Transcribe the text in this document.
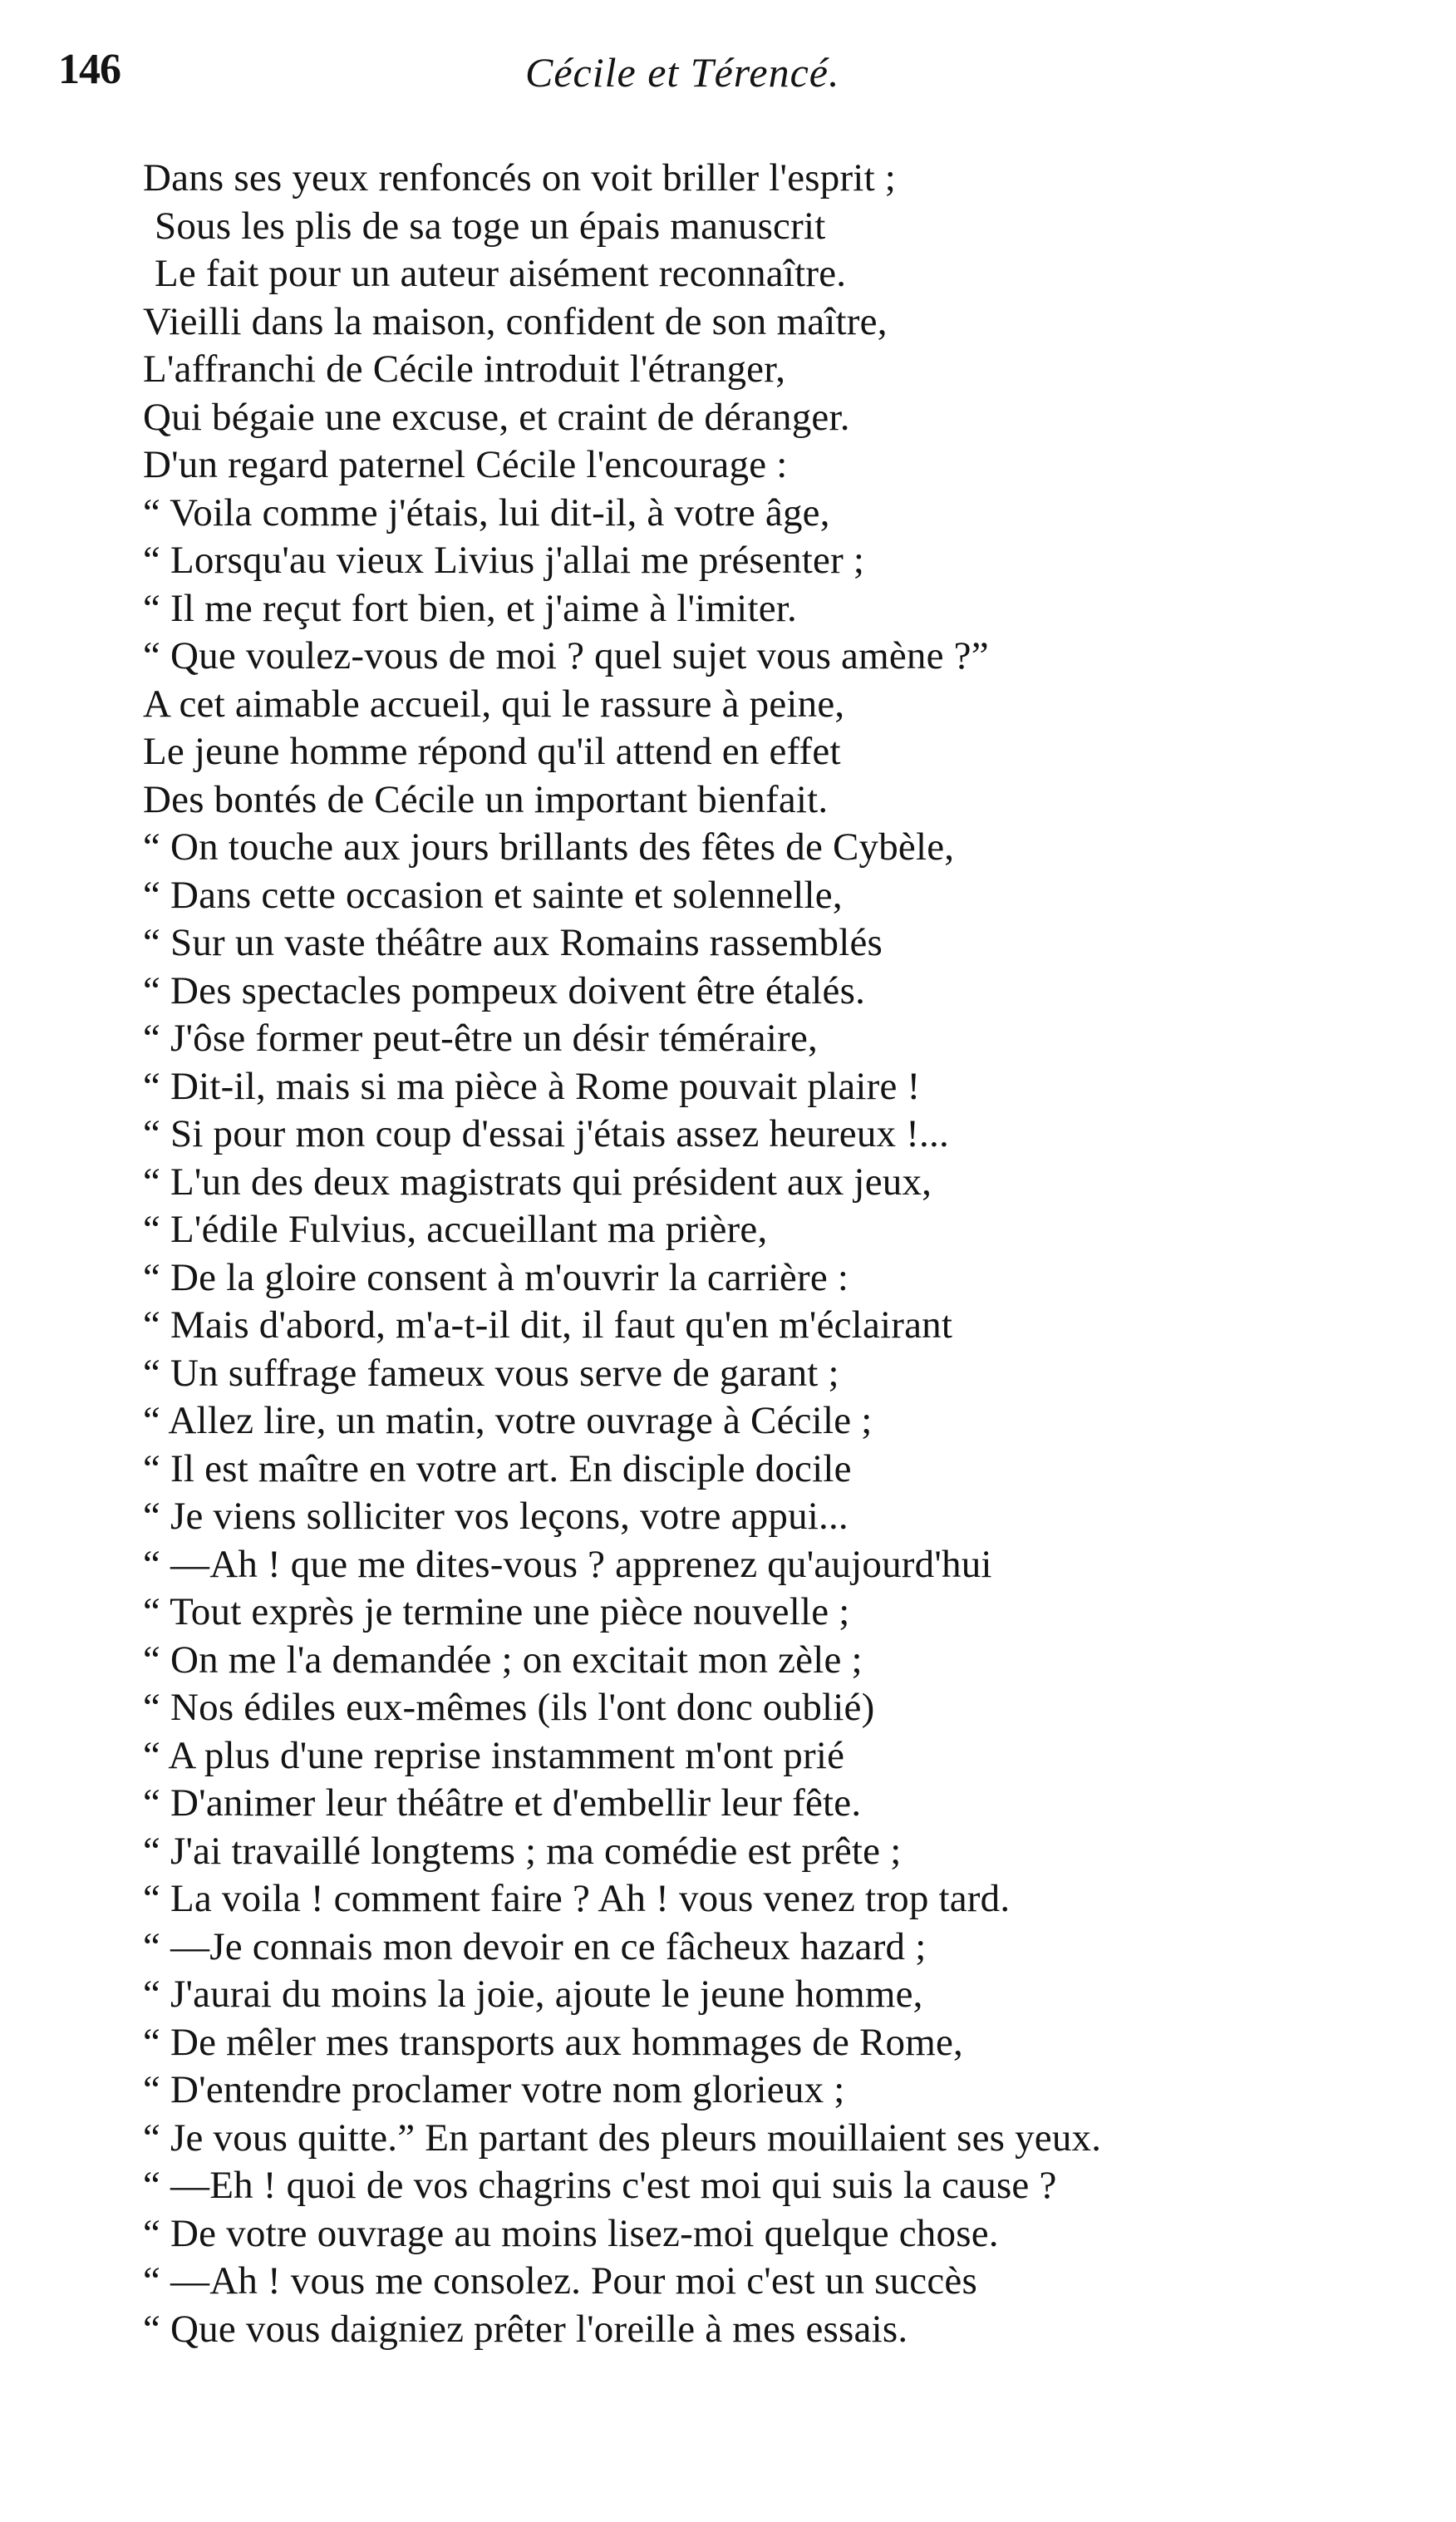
146	Cécile et Térencé.
Dans ses yeux renfoncés on voit briller l'esprit ;
Sous les plis de sa toge un épais manuscrit
Le fait pour un auteur aisément reconnaître.
Vieilli dans la maison, confident de son maître,
L'affranchi de Cécile introduit l'étranger,
Qui bégaie une excuse, et craint de déranger.
D'un regard paternel Cécile l'encourage :
“ Voila comme j'étais, lui dit-il, à votre âge,
“ Lorsqu'au vieux Livius j'allai me présenter ;
“ Il me reçut fort bien, et j'aime à l'imiter.
“ Que voulez-vous de moi ? quel sujet vous amène ?”
A cet aimable accueil, qui le rassure à peine,
Le jeune homme répond qu'il attend en effet
Des bontés de Cécile un important bienfait.
“ On touche aux jours brillants des fêtes de Cybèle,
“ Dans cette occasion et sainte et solennelle,
“ Sur un vaste théâtre aux Romains rassemblés
“ Des spectacles pompeux doivent être étalés.
“ J'ôse former peut-être un désir téméraire,
“ Dit-il, mais si ma pièce à Rome pouvait plaire !
“ Si pour mon coup d'essai j'étais assez heureux !...
“ L'un des deux magistrats qui président aux jeux,
“ L'édile Fulvius, accueillant ma prière,
“ De la gloire consent à m'ouvrir la carrière :
“ Mais d'abord, m'a-t-il dit, il faut qu'en m'éclairant
“ Un suffrage fameux vous serve de garant ;
“ Allez lire, un matin, votre ouvrage à Cécile ;
“ Il est maître en votre art. En disciple docile
“ Je viens solliciter vos leçons, votre appui...
“ —Ah ! que me dites-vous ? apprenez qu'aujourd'hui
“ Tout exprès je termine une pièce nouvelle ;
“ On me l'a demandée ; on excitait mon zèle ;
“ Nos édiles eux-mêmes (ils l'ont donc oublié)
“ A plus d'une reprise instamment m'ont prié
“ D'animer leur théâtre et d'embellir leur fête.
“ J'ai travaillé longtems ; ma comédie est prête ;
“ La voila ! comment faire ? Ah ! vous venez trop tard.
“ —Je connais mon devoir en ce fâcheux hazard ;
“ J'aurai du moins la joie, ajoute le jeune homme,
“ De mêler mes transports aux hommages de Rome,
“ D'entendre proclamer votre nom glorieux ;
“ Je vous quitte.” En partant des pleurs mouillaient ses yeux.
“ —Eh ! quoi de vos chagrins c'est moi qui suis la cause ?
“ De votre ouvrage au moins lisez-moi quelque chose.
“ —Ah ! vous me consolez. Pour moi c'est un succès
“ Que vous daigniez prêter l'oreille à mes essais.
